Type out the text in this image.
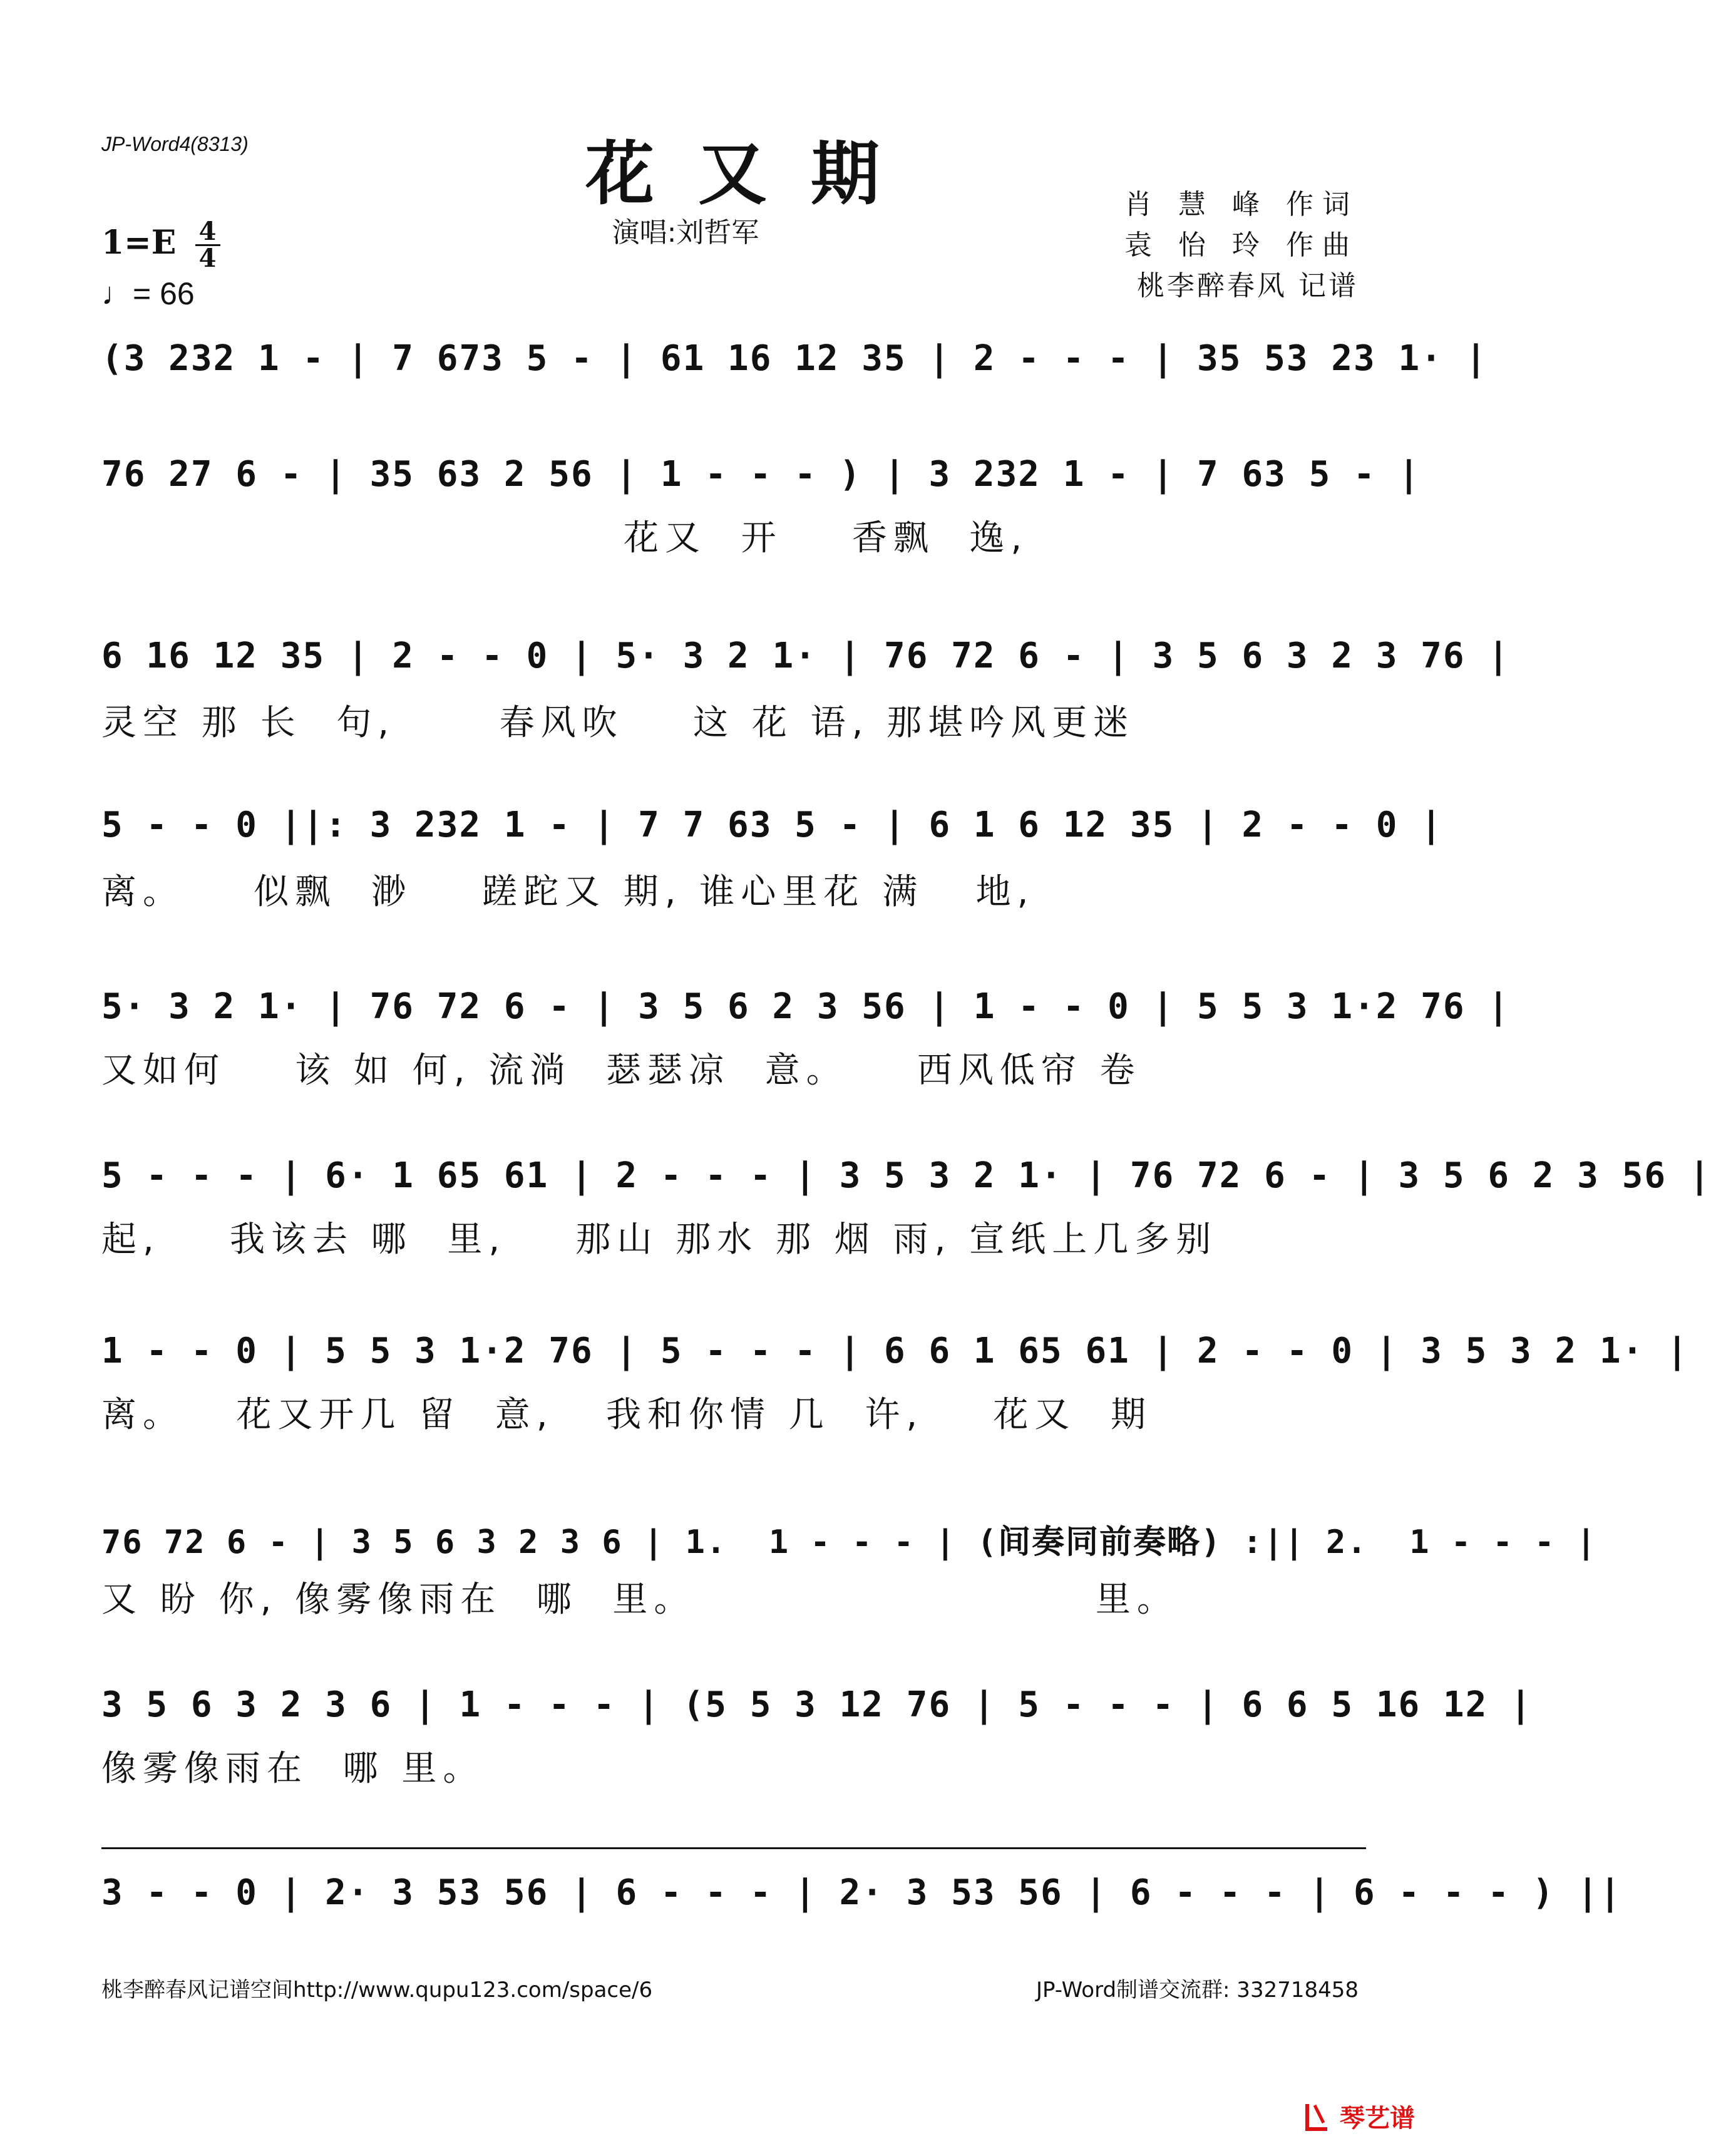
JP-Word4(8313)	花又期
演唱:刘哲军
肖 慧 峰 作词
袁 怡 玲 作曲
桃李醉春风 记谱
$1=E \frac{4}{4}$
♩= 66
(3 232 1 - | 7 673 5 - | 61 16 12 35 | 2 - - - | 35 53 23 1· |
76 27 6 - | 35 63 2 56 | 1 - - - ) | 3 232 1 - | 7 63 5 - |
花又  开    香飘  逸,
6 16 12 35 | 2 - - 0 | 5· 3 2 1· | 76 72 6 - | 3 5 6 3 2 3 76 |
灵空 那 长  句,      春风吹    这 花 语, 那堪吟风更迷
5 - - 0 ||: 3 232 1 - | 7 7 63 5 - | 6 1 6 12 35 | 2 - - 0 |
离。    似飘  渺    蹉跎又 期, 谁心里花 满   地,
5· 3 2 1· | 76 72 6 - | 3 5 6 2 3 56 | 1 - - 0 | 5 5 3 1·2 76 |
又如何    该 如 何, 流淌  瑟瑟凉  意。    西风低帘 卷
5 - - - | 6· 1 65 61 | 2 - - - | 3 5 3 2 1· | 76 72 6 - | 3 5 6 2 3 56 |
起,    我该去 哪  里,    那山 那水 那 烟 雨, 宣纸上几多别
1 - - 0 | 5 5 3 1·2 76 | 5 - - - | 6 6 1 65 61 | 2 - - 0 | 3 5 3 2 1· |
离。   花又开几 留  意,   我和你情 几  许,    花又  期
76 72 6 - | 3 5 6 3 2 3 6 | 1.  1 - - - | (间奏同前奏略) :|| 2.  1 - - - |
又 盼 你, 像雾像雨在  哪  里。                       里。
3 5 6 3 2 3 6 | 1 - - - | (5 5 3 12 76 | 5 - - - | 6 6 5 16 12 |
像雾像雨在  哪 里。
3 - - 0 | 2· 3 53 56 | 6 - - - | 2· 3 53 56 | 6 - - - | 6 - - - ) ||
桃李醉春风记谱空间http://www.qupu123.com/space/6	JP-Word制谱交流群: 332718458
琴艺谱
